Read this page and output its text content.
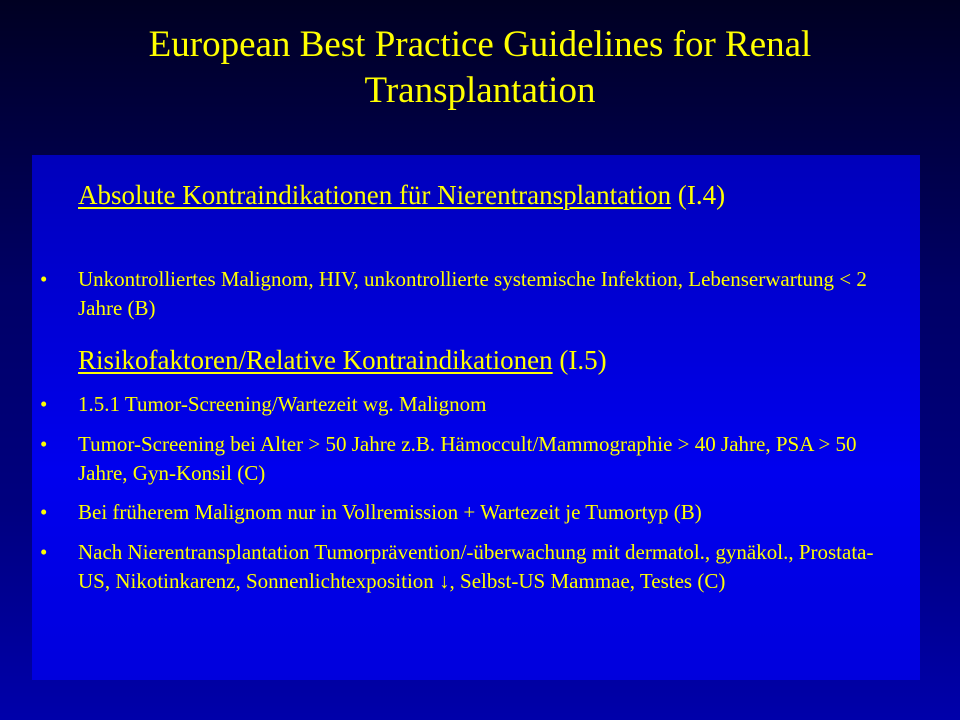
European Best Practice Guidelines for Renal Transplantation
Absolute Kontraindikationen für Nierentransplantation (I.4)
• Unkontrolliertes Malignom, HIV, unkontrollierte systemische Infektion, Lebenserwartung < 2 Jahre (B)
Risikofaktoren/Relative Kontraindikationen (I.5)
• 1.5.1 Tumor-Screening/Wartezeit wg. Malignom
• Tumor-Screening bei Alter > 50 Jahre z.B. Hämoccult/Mammographie > 40 Jahre, PSA > 50 Jahre, Gyn-Konsil (C)
• Bei früherem Malignom nur in Vollremission + Wartezeit je Tumortyp (B)
• Nach Nierentransplantation Tumorprävention/-überwachung mit dermatol., gynäkol., Prostata-US, Nikotinkarenz, Sonnenlichtexposition ↓, Selbst-US Mammae, Testes (C)
